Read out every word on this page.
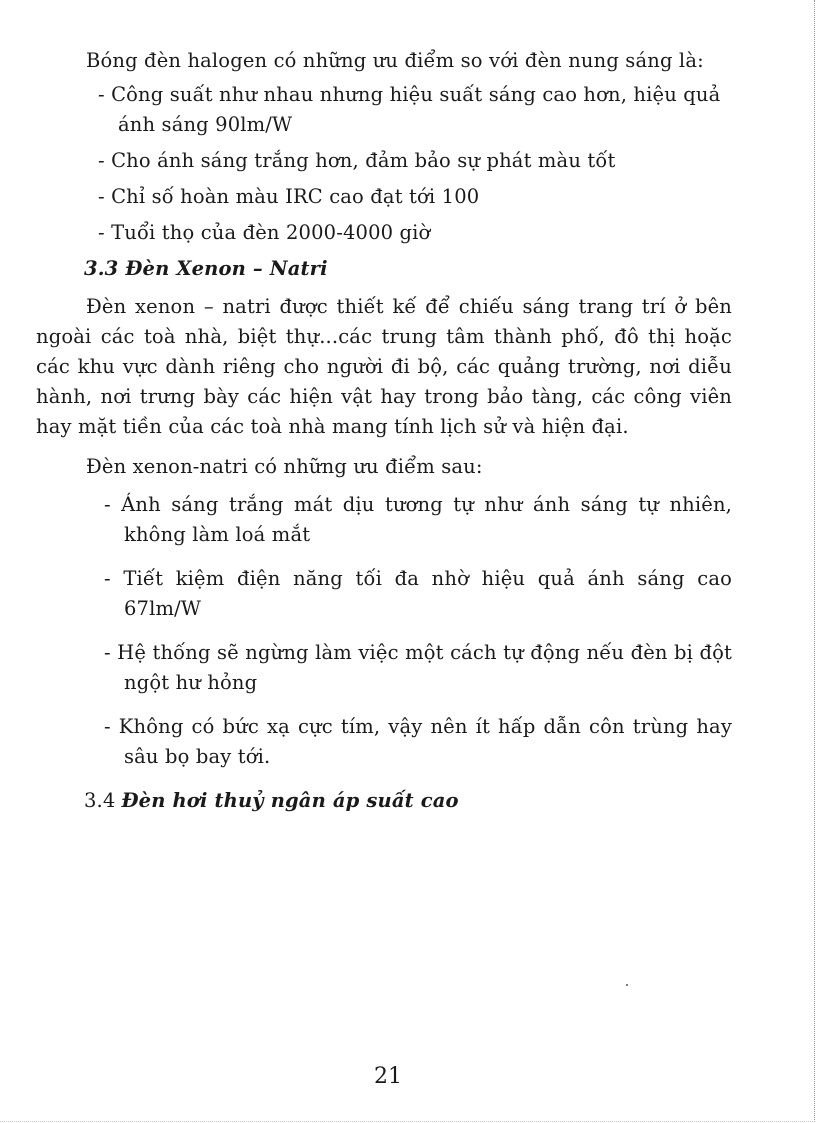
Bóng đèn halogen có những ưu điểm so với đèn nung sáng là:

- Công suất như nhau nhưng hiệu suất sáng cao hơn, hiệu quả ánh sáng 90lm/W
- Cho ánh sáng trắng hơn, đảm bảo sự phát màu tốt
- Chỉ số hoàn màu IRC cao đạt tới 100
- Tuổi thọ của đèn 2000-4000 giờ

3.3 Đèn Xenon – Natri

Đèn xenon – natri được thiết kế để chiếu sáng trang trí ở bên ngoài các toà nhà, biệt thự...các trung tâm thành phố, đô thị hoặc các khu vực dành riêng cho người đi bộ, các quảng trường, nơi diễu hành, nơi trưng bày các hiện vật hay trong bảo tàng, các công viên hay mặt tiền của các toà nhà mang tính lịch sử và hiện đại.

Đèn xenon-natri có những ưu điểm sau:

- Ánh sáng trắng mát dịu tương tự như ánh sáng tự nhiên, không làm loá mắt
- Tiết kiệm điện năng tối đa nhờ hiệu quả ánh sáng cao 67lm/W
- Hệ thống sẽ ngừng làm việc một cách tự động nếu đèn bị đột ngột hư hỏng
- Không có bức xạ cực tím, vậy nên ít hấp dẫn côn trùng hay sâu bọ bay tới.

3.4 Đèn hơi thuỷ ngân áp suất cao

21
